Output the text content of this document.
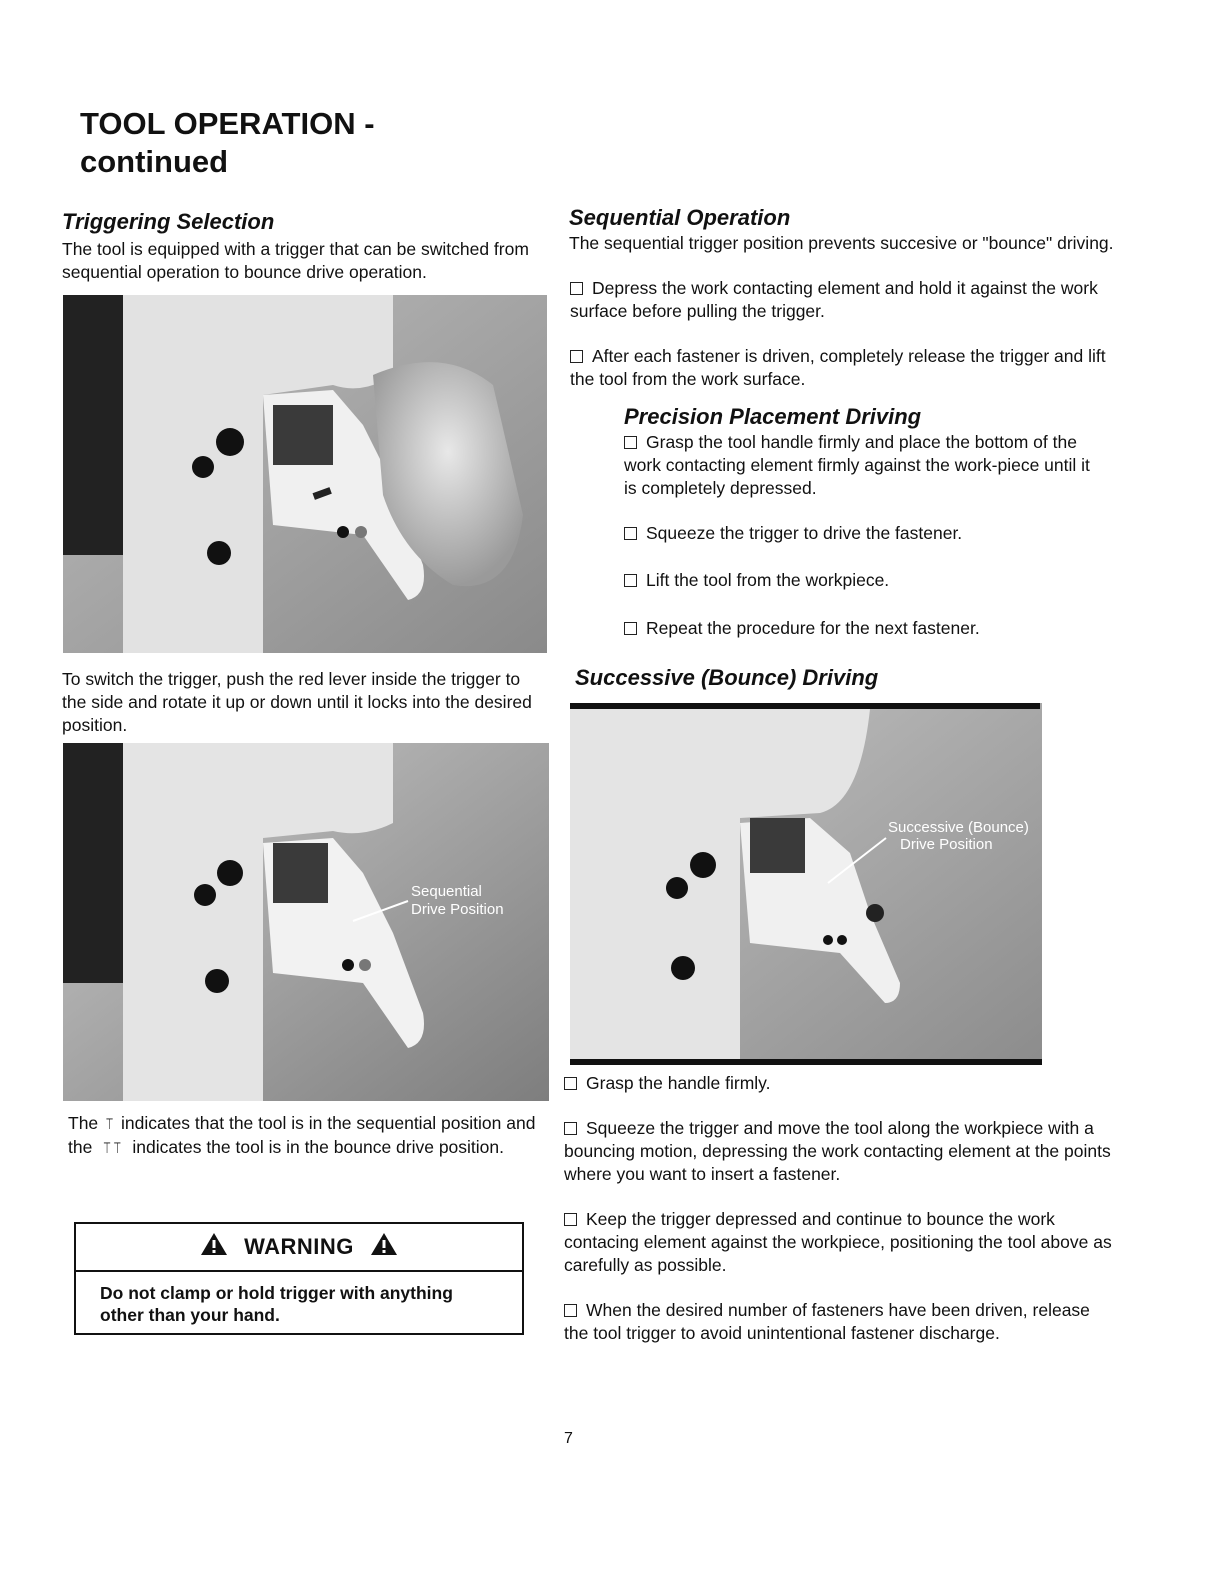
TOOL OPERATION -
continued
Triggering Selection

The tool is equipped with a trigger that can be switched from sequential operation to bounce drive operation.

To switch the trigger, push the red lever inside the trigger to the side and rotate it up or down until it locks into the desired position.

Sequential
Drive Position

The ⊤ indicates that the tool is in the sequential position and the ⊤ ⊤ indicates the tool is in the bounce drive position.

WARNING
Do not clamp or hold trigger with anything other than your hand.
Sequential Operation

The sequential trigger position prevents succesive or "bounce" driving.

Depress the work contacting element and hold it against the work surface before pulling the trigger.

After each fastener is driven, completely release the trigger and lift the tool from the work surface.

Precision Placement Driving

Grasp the tool handle firmly and place the bottom of the work contacting element firmly against the work-piece until it is completely depressed.

Squeeze the trigger to drive the fastener.

Lift the tool from the workpiece.

Repeat the procedure for the next fastener.

Successive (Bounce) Driving
Successive (Bounce)
Drive Position

Grasp the handle firmly.

Squeeze the trigger and move the tool along the workpiece with a bouncing motion, depressing the work contacting element at the points where you want to insert a fastener.

Keep the trigger depressed and continue to bounce the work contacing element against the workpiece, positioning the tool above as carefully as possible.

When the desired number of fasteners have been driven, release the tool trigger to avoid unintentional fastener discharge.

7
